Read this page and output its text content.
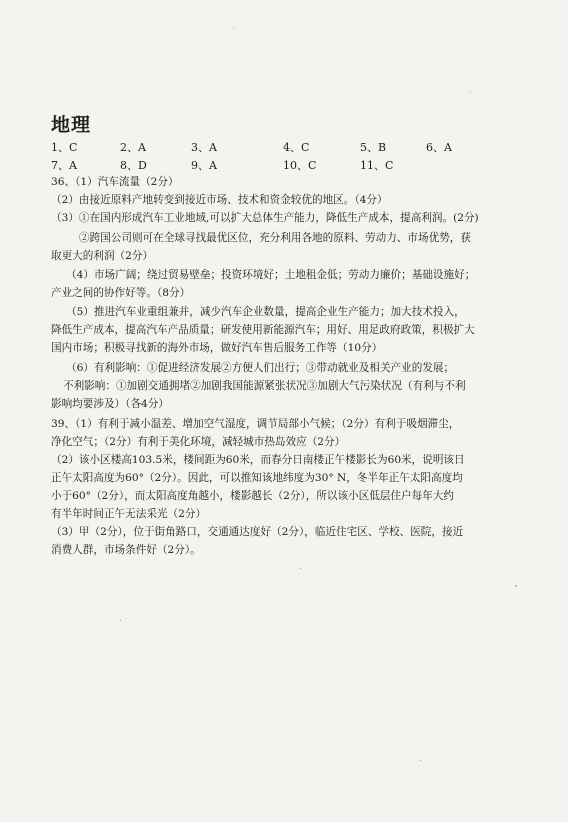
地理
1、C	2、A	3、A	4、C	5、B	6、A
7、A	8、D	9、A	10、C	11、C
36、（1）汽车流量（2分）
（2）由接近原料产地转变到接近市场、技术和资金较优的地区。（4分）
（3）①在国内形成汽车工业地域,可以扩大总体生产能力，降低生产成本，提高利润。(2分)
②跨国公司则可在全球寻找最优区位，充分利用各地的原料、劳动力、市场优势，获
取更大的利润（2分）
（4）市场广阔；绕过贸易壁垒；投资环境好；土地租金低；劳动力廉价；基础设施好；
产业之间的协作好等。（8分）
（5）推进汽车业重组兼并，减少汽车企业数量，提高企业生产能力；加大技术投入，
降低生产成本，提高汽车产品质量；研发使用新能源汽车；用好、用足政府政策，积极扩大
国内市场；积极寻找新的海外市场，做好汽车售后服务工作等（10分）
（6）有利影响：①促进经济发展②方便人们出行；③带动就业及相关产业的发展；
不利影响：①加剧交通拥堵②加剧我国能源紧张状况③加剧大气污染状况（有利与不利
影响均要涉及）（各4分）
39、（1）有利于减小温差、增加空气湿度，调节局部小气候；（2分）有利于吸烟滞尘，
净化空气；（2分）有利于美化环境，减轻城市热岛效应（2分）
（2）该小区楼高103.5米，楼间距为60米，而春分日南楼正午楼影长为60米，说明该日
正午太阳高度为60°（2分）。因此，可以推知该地纬度为30° N，冬半年正午太阳高度均
小于60°（2分），而太阳高度角越小，楼影越长（2分），所以该小区低层住户每年大约
有半年时间正午无法采光（2分）
（3）甲（2分），位于街角路口，交通通达度好（2分），临近住宅区、学校、医院，接近
消费人群，市场条件好（2分）。
